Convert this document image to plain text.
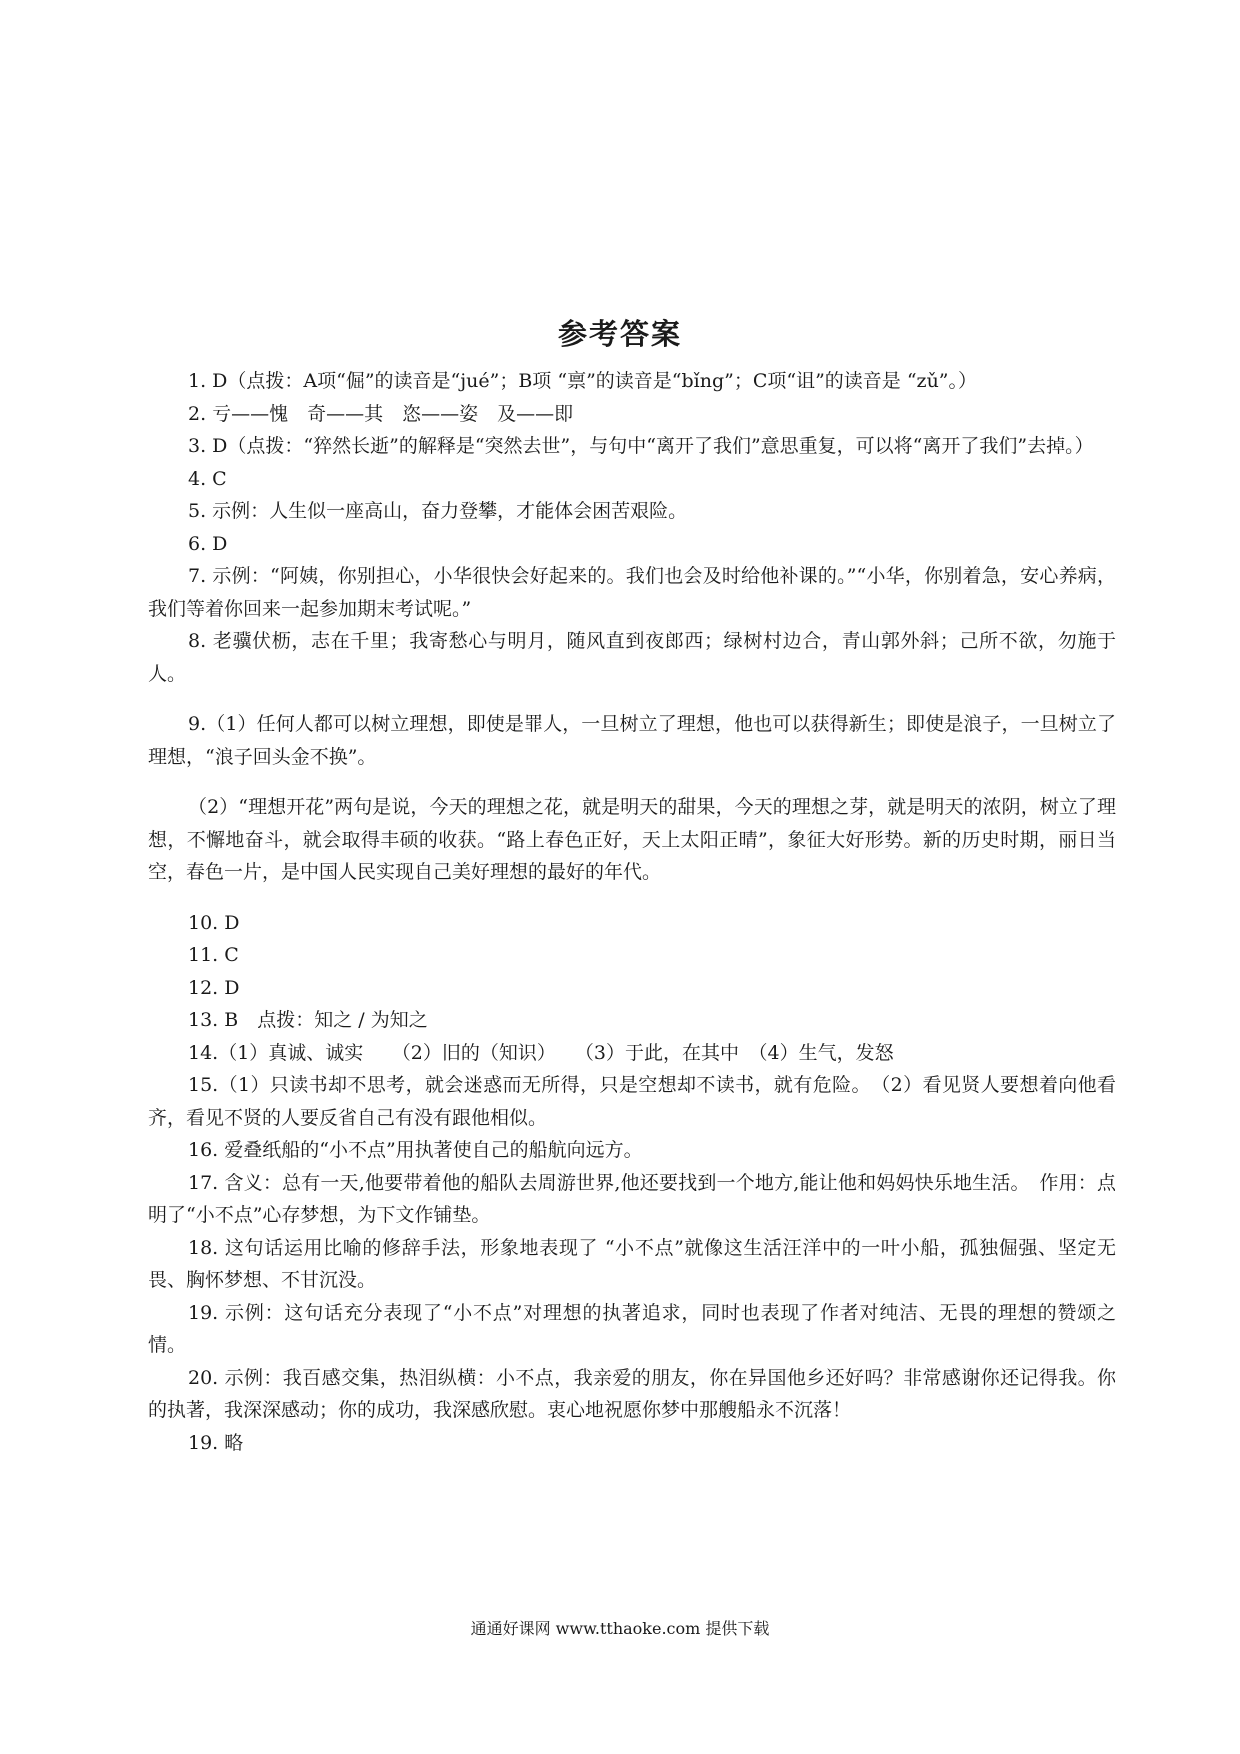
参考答案

1. D（点拨：A项“倔”的读音是“jué”；B项 “禀”的读音是“bǐng”；C项“诅”的读音是 “zǔ”。）

2. 亏——愧　奇——其　恣——姿　及——即

3. D（点拨：“猝然长逝”的解释是“突然去世”，与句中“离开了我们”意思重复，可以将“离开了我们”去掉。）

4. C

5. 示例：人生似一座高山，奋力登攀，才能体会困苦艰险。

6. D

7. 示例：“阿姨，你别担心，小华很快会好起来的。我们也会及时给他补课的。”“小华，你别着急，安心养病，我们等着你回来一起参加期末考试呢。”

8. 老骥伏枥，志在千里；我寄愁心与明月，随风直到夜郎西；绿树村边合，青山郭外斜；己所不欲，勿施于人。

9.（1）任何人都可以树立理想，即使是罪人，一旦树立了理想，他也可以获得新生；即使是浪子，一旦树立了理想，“浪子回头金不换”。

（2）“理想开花”两句是说，今天的理想之花，就是明天的甜果，今天的理想之芽，就是明天的浓阴，树立了理想，不懈地奋斗，就会取得丰硕的收获。“路上春色正好，天上太阳正晴”，象征大好形势。新的历史时期，丽日当空，春色一片，是中国人民实现自己美好理想的最好的年代。

10. D

11. C

12. D

13. B　点拨：知之 / 为知之

14.（1）真诚、诚实　　（2）旧的（知识）　　（3）于此，在其中　（4）生气，发怒

15.（1）只读书却不思考，就会迷惑而无所得，只是空想却不读书，就有危险。　（2）看见贤人要想着向他看齐，看见不贤的人要反省自己有没有跟他相似。

16. 爱叠纸船的“小不点”用执著使自己的船航向远方。

17. 含义：总有一天,他要带着他的船队去周游世界,他还要找到一个地方,能让他和妈妈快乐地生活。　作用：点明了“小不点”心存梦想，为下文作铺垫。

18. 这句话运用比喻的修辞手法，形象地表现了 “小不点”就像这生活汪洋中的一叶小船，孤独倔强、坚定无畏、胸怀梦想、不甘沉没。

19. 示例：这句话充分表现了“小不点”对理想的执著追求，同时也表现了作者对纯洁、无畏的理想的赞颂之情。

20. 示例：我百感交集，热泪纵横：小不点，我亲爱的朋友，你在异国他乡还好吗？非常感谢你还记得我。你的执著，我深深感动；你的成功，我深感欣慰。衷心地祝愿你梦中那艘船永不沉落！

19. 略

通通好课网 www.tthaoke.com 提供下载
